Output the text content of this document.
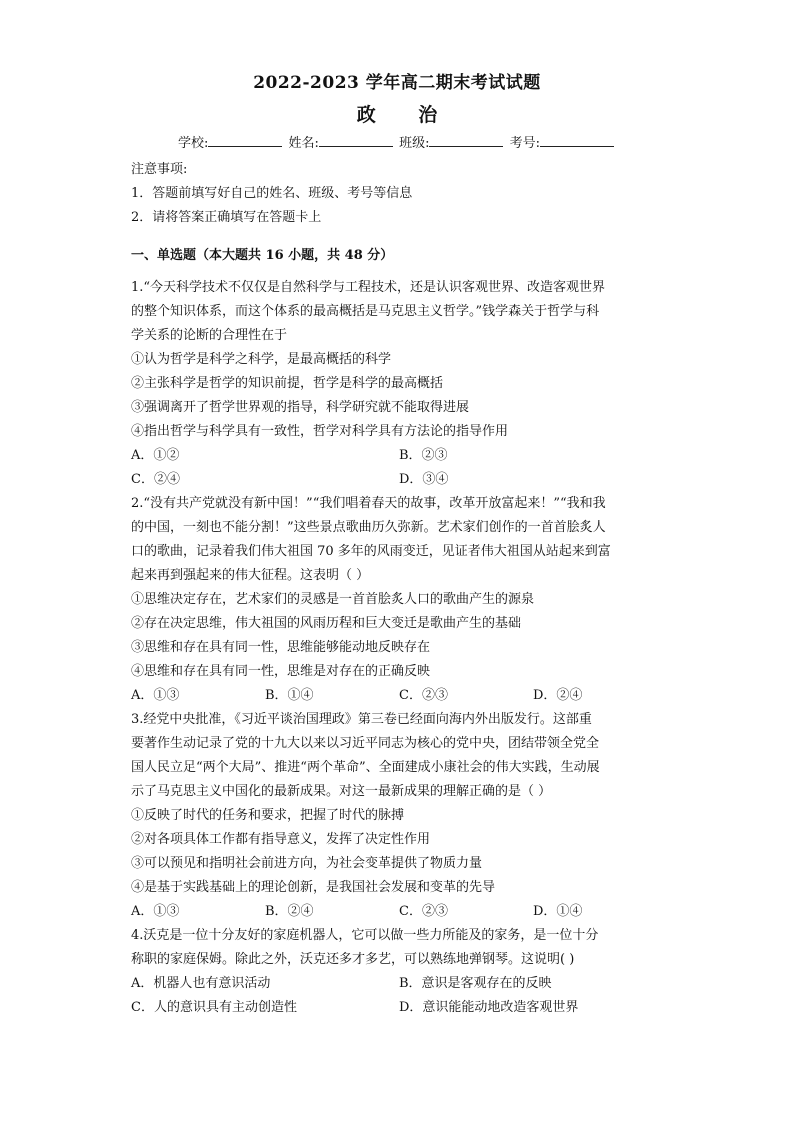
2022-2023 学年高二期末考试试题
政 治
学校:	姓名:	班级:	考号:
注意事项:
1．答题前填写好自己的姓名、班级、考号等信息
2．请将答案正确填写在答题卡上
一、单选题（本大题共 16 小题，共 48 分）
1.“今天科学技术不仅仅是自然科学与工程技术，还是认识客观世界、改造客观世界
的整个知识体系，而这个体系的最高概括是马克思主义哲学。”钱学森关于哲学与科
学关系的论断的合理性在于
①认为哲学是科学之科学，是最高概括的科学
②主张科学是哲学的知识前提，哲学是科学的最高概括
③强调离开了哲学世界观的指导，科学研究就不能取得进展
④指出哲学与科学具有一致性，哲学对科学具有方法论的指导作用
A．①②	B．②③
C．②④	D．③④
2.“没有共产党就没有新中国！”“我们唱着春天的故事，改革开放富起来！”“我和我
的中国，一刻也不能分割！”这些景点歌曲历久弥新。艺术家们创作的一首首脍炙人
口的歌曲，记录着我们伟大祖国 70 多年的风雨变迁，见证者伟大祖国从站起来到富
起来再到强起来的伟大征程。这表明（ ）
①思维决定存在，艺术家们的灵感是一首首脍炙人口的歌曲产生的源泉
②存在决定思维，伟大祖国的风雨历程和巨大变迁是歌曲产生的基础
③思维和存在具有同一性，思维能够能动地反映存在
④思维和存在具有同一性，思维是对存在的正确反映
A．①③	B．①④	C．②③	D．②④
3.经党中央批准，《习近平谈治国理政》第三卷已经面向海内外出版发行。这部重
要著作生动记录了党的十九大以来以习近平同志为核心的党中央，团结带领全党全
国人民立足“两个大局”、推进“两个革命”、全面建成小康社会的伟大实践，生动展
示了马克思主义中国化的最新成果。对这一最新成果的理解正确的是（ ）
①反映了时代的任务和要求，把握了时代的脉搏
②对各项具体工作都有指导意义，发挥了决定性作用
③可以预见和指明社会前进方向，为社会变革提供了物质力量
④是基于实践基础上的理论创新，是我国社会发展和变革的先导
A．①③	B．②④	C．②③	D．①④
4.沃克是一位十分友好的家庭机器人，它可以做一些力所能及的家务，是一位十分
称职的家庭保姆。除此之外，沃克还多才多艺，可以熟练地弹钢琴。这说明( )
A．机器人也有意识活动	B．意识是客观存在的反映
C．人的意识具有主动创造性	D．意识能能动地改造客观世界
